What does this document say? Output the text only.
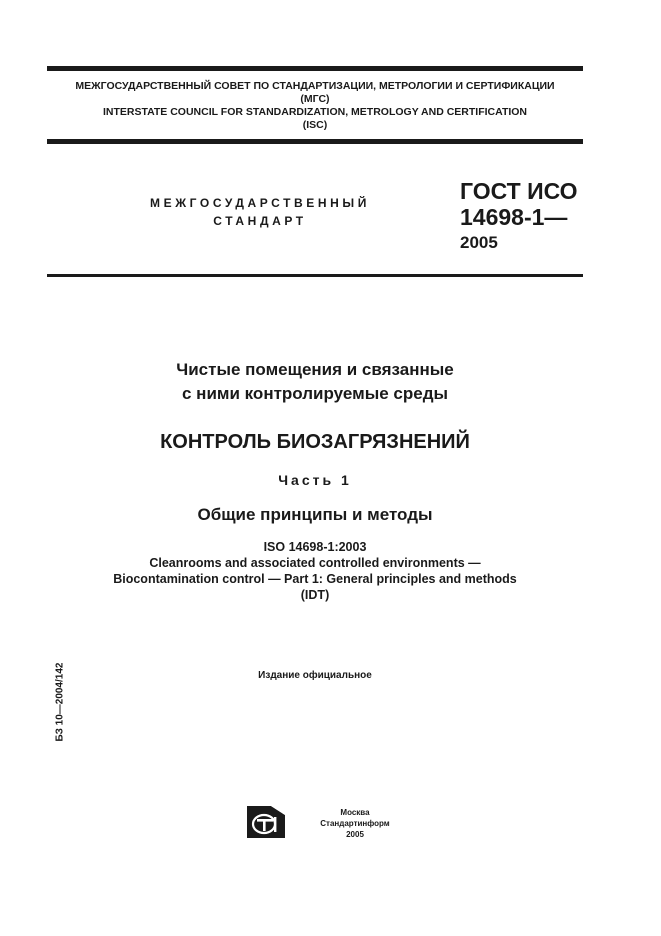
МЕЖГОСУДАРСТВЕННЫЙ СОВЕТ ПО СТАНДАРТИЗАЦИИ, МЕТРОЛОГИИ И СЕРТИФИКАЦИИ
(МГС)
INTERSTATE COUNCIL FOR STANDARDIZATION, METROLOGY AND CERTIFICATION
(ISC)
МЕЖГОСУДАРСТВЕННЫЙ
СТАНДАРТ
ГОСТ ИСО
14698-1—
2005
Чистые помещения и связанные
с ними контролируемые среды
КОНТРОЛЬ БИОЗАГРЯЗНЕНИЙ
Часть 1
Общие принципы и методы
ISO 14698-1:2003
Cleanrooms and associated controlled environments —
Biocontamination control — Part 1: General principles and methods
(IDT)
Издание официальное
БЗ 10—2004/142
Москва
Стандартинформ
2005
